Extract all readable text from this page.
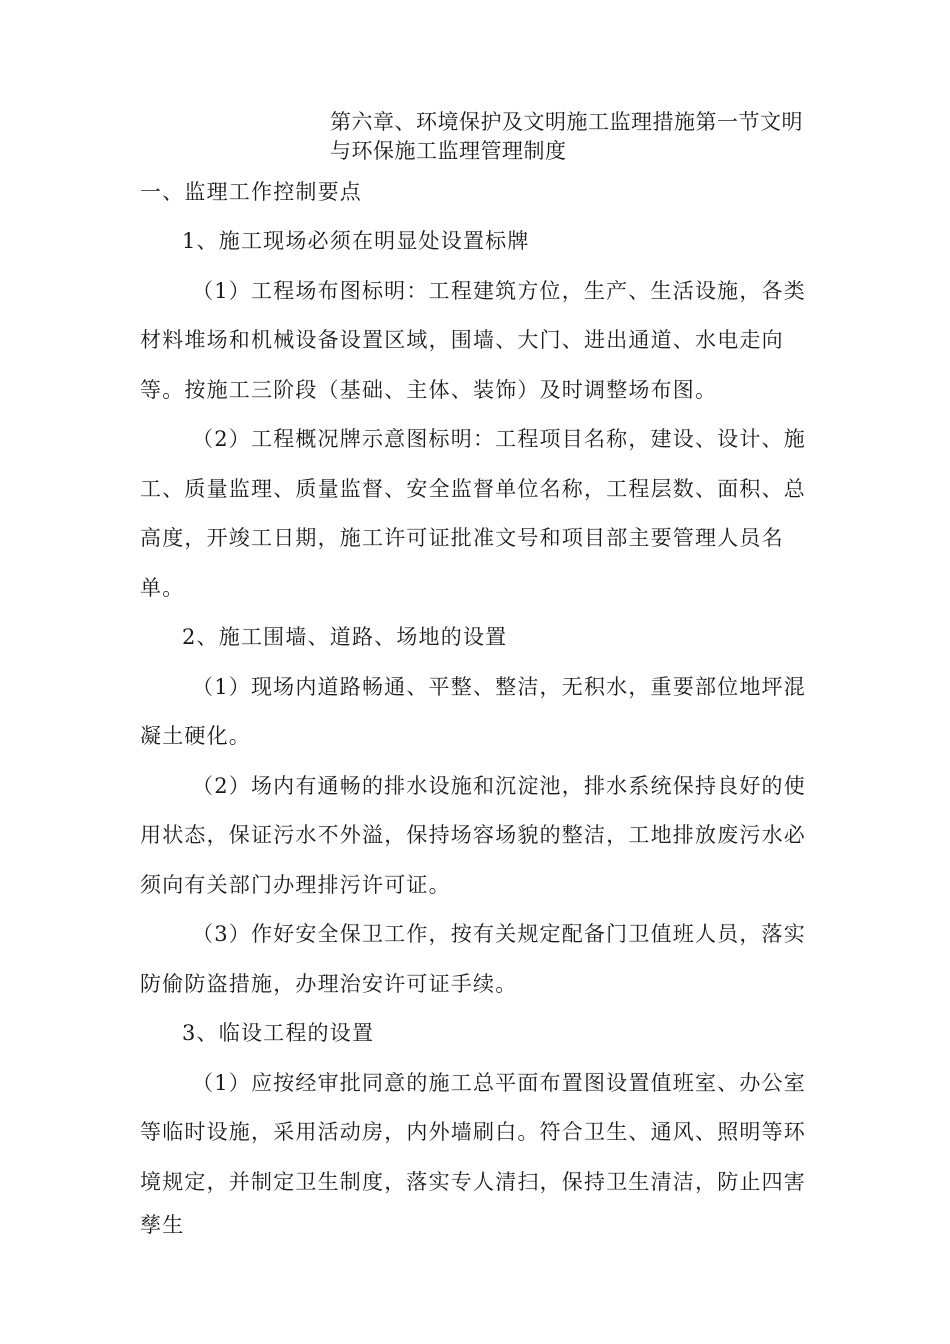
第六章、环境保护及文明施工监理措施第一节文明与环保施工监理管理制度
一、监理工作控制要点

1、施工现场必须在明显处设置标牌

（1）工程场布图标明：工程建筑方位，生产、生活设施，各类材料堆场和机械设备设置区域，围墙、大门、进出通道、水电走向等。按施工三阶段（基础、主体、装饰）及时调整场布图。

（2）工程概况牌示意图标明：工程项目名称，建设、设计、施工、质量监理、质量监督、安全监督单位名称，工程层数、面积、总高度，开竣工日期，施工许可证批准文号和项目部主要管理人员名单。

2、施工围墙、道路、场地的设置

（1）现场内道路畅通、平整、整洁，无积水，重要部位地坪混凝土硬化。

（2）场内有通畅的排水设施和沉淀池，排水系统保持良好的使用状态，保证污水不外溢，保持场容场貌的整洁，工地排放废污水必须向有关部门办理排污许可证。

（3）作好安全保卫工作，按有关规定配备门卫值班人员，落实防偷防盗措施，办理治安许可证手续。

3、临设工程的设置

（1）应按经审批同意的施工总平面布置图设置值班室、办公室等临时设施，采用活动房，内外墙刷白。符合卫生、通风、照明等环境规定，并制定卫生制度，落实专人清扫，保持卫生清洁，防止四害

孳生
